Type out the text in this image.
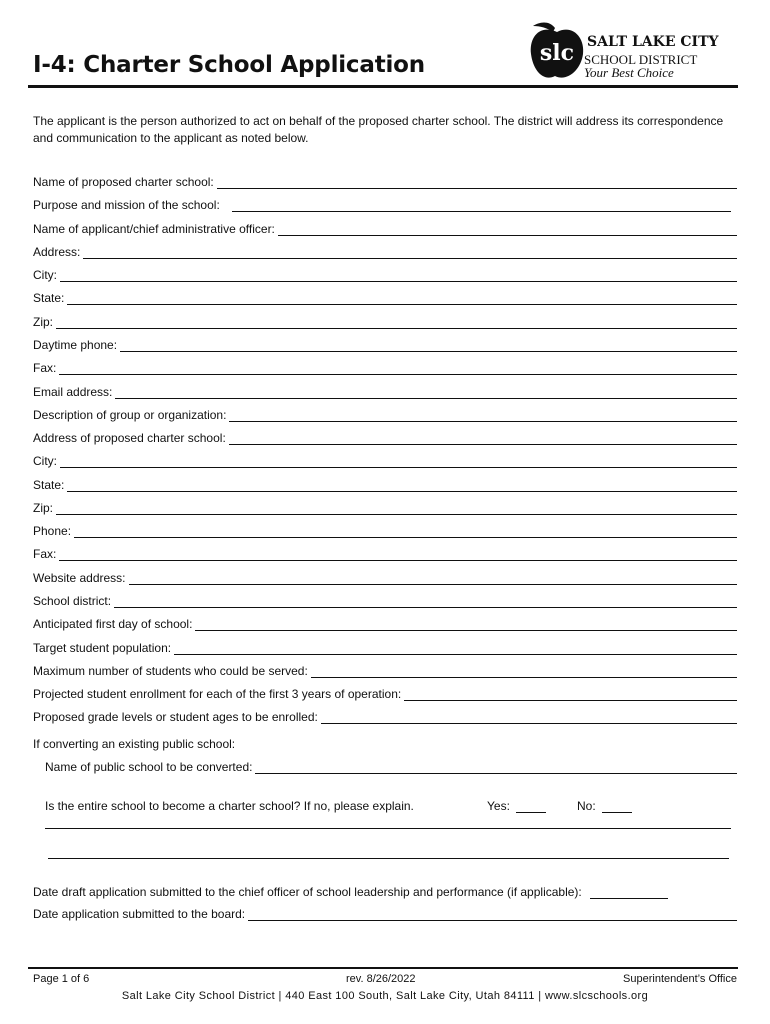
I-4: Charter School Application	slc SALT LAKE CITY
SCHOOL DISTRICT
Your Best Choice
The applicant is the person authorized to act on behalf of the proposed charter school. The district will address its correspondence and communication to the applicant as noted below.
Name of proposed charter school:
Purpose and mission of the school:
Name of applicant/chief administrative officer:
Address:
City:
State:
Zip:
Daytime phone:
Fax:
Email address:
Description of group or organization:
Address of proposed charter school:
City:
State:
Zip:
Phone:
Fax:
Website address:
School district:
Anticipated first day of school:
Target student population:
Maximum number of students who could be served:
Projected student enrollment for each of the first 3 years of operation:
Proposed grade levels or student ages to be enrolled:
If converting an existing public school:
Name of public school to be converted:
Is the entire school to become a charter school? If no, please explain.	Yes:	No:
Date draft application submitted to the chief officer of school leadership and performance (if applicable):
Date application submitted to the board:
Page 1 of 6	rev. 8/26/2022	Superintendent’s Office
Salt Lake City School District | 440 East 100 South, Salt Lake City, Utah 84111 | www.slcschools.org
